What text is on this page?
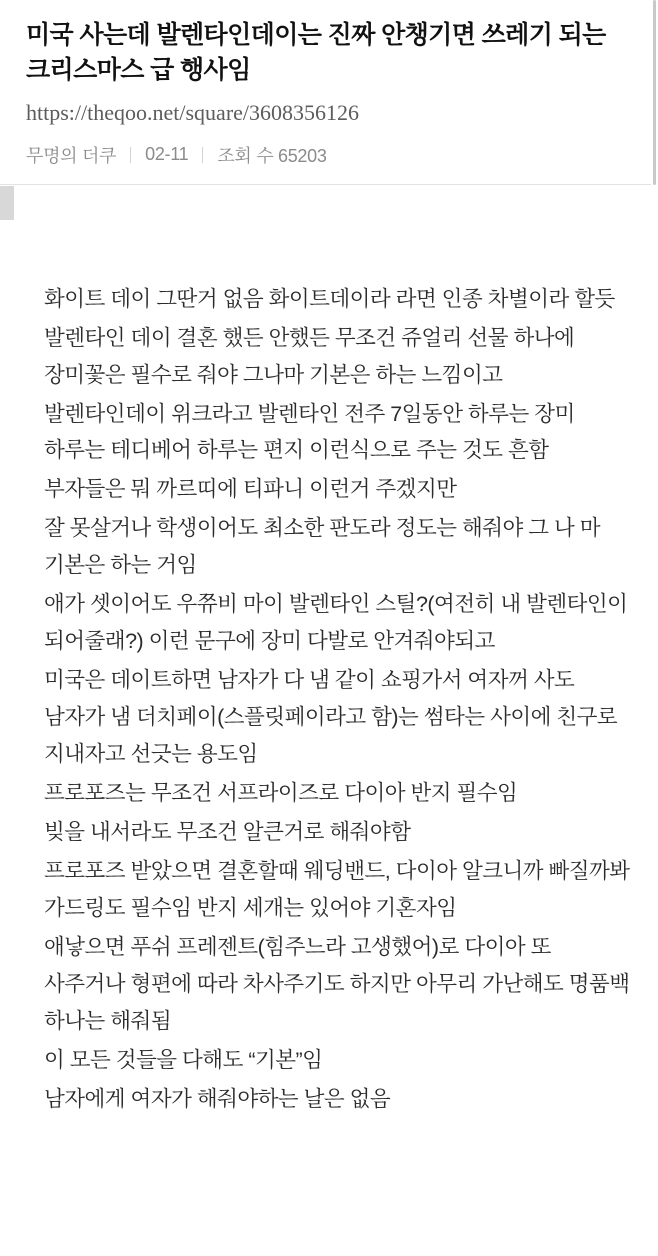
미국 사는데 발렌타인데이는 진짜 안챙기면 쓰레기 되는 크리스마스 급 행사임
https://theqoo.net/square/3608356126
무명의 더쿠 02-11 조회 수 65203

화이트 데이 그딴거 없음 화이트데이라 라면 인종 차별이라 할듯

발렌타인 데이 결혼 했든 안했든 무조건 쥬얼리 선물 하나에 장미꽃은 필수로 줘야 그나마 기본은 하는 느낌이고

발렌타인데이 위크라고 발렌타인 전주 7일동안 하루는 장미 하루는 테디베어 하루는 편지 이런식으로 주는 것도 흔함

부자들은 뭐 까르띠에 티파니 이런거 주겠지만

잘 못살거나 학생이어도 최소한 판도라 정도는 해줘야 그 나 마 기본은 하는 거임

애가 셋이어도 우쮸비 마이 발렌타인 스틸?(여전히 내 발렌타인이 되어줄래?) 이런 문구에 장미 다발로 안겨줘야되고

미국은 데이트하면 남자가 다 냄 같이 쇼핑가서 여자꺼 사도 남자가 냄 더치페이(스플릿페이라고 함)는 썸타는 사이에 친구로 지내자고 선긋는 용도임

프로포즈는 무조건 서프라이즈로 다이아 반지 필수임

빚을 내서라도 무조건 알큰거로 해줘야함

프로포즈 받았으면 결혼할때 웨딩밴드, 다이아 알크니까 빠질까봐 가드링도 필수임 반지 세개는 있어야 기혼자임

애낳으면 푸쉬 프레젠트(힘주느라 고생했어)로 다이아 또 사주거나 형편에 따라 차사주기도 하지만 아무리 가난해도 명품백 하나는 해줘됨

이 모든 것들을 다해도 “기본”임

남자에게 여자가 해줘야하는 날은 없음
